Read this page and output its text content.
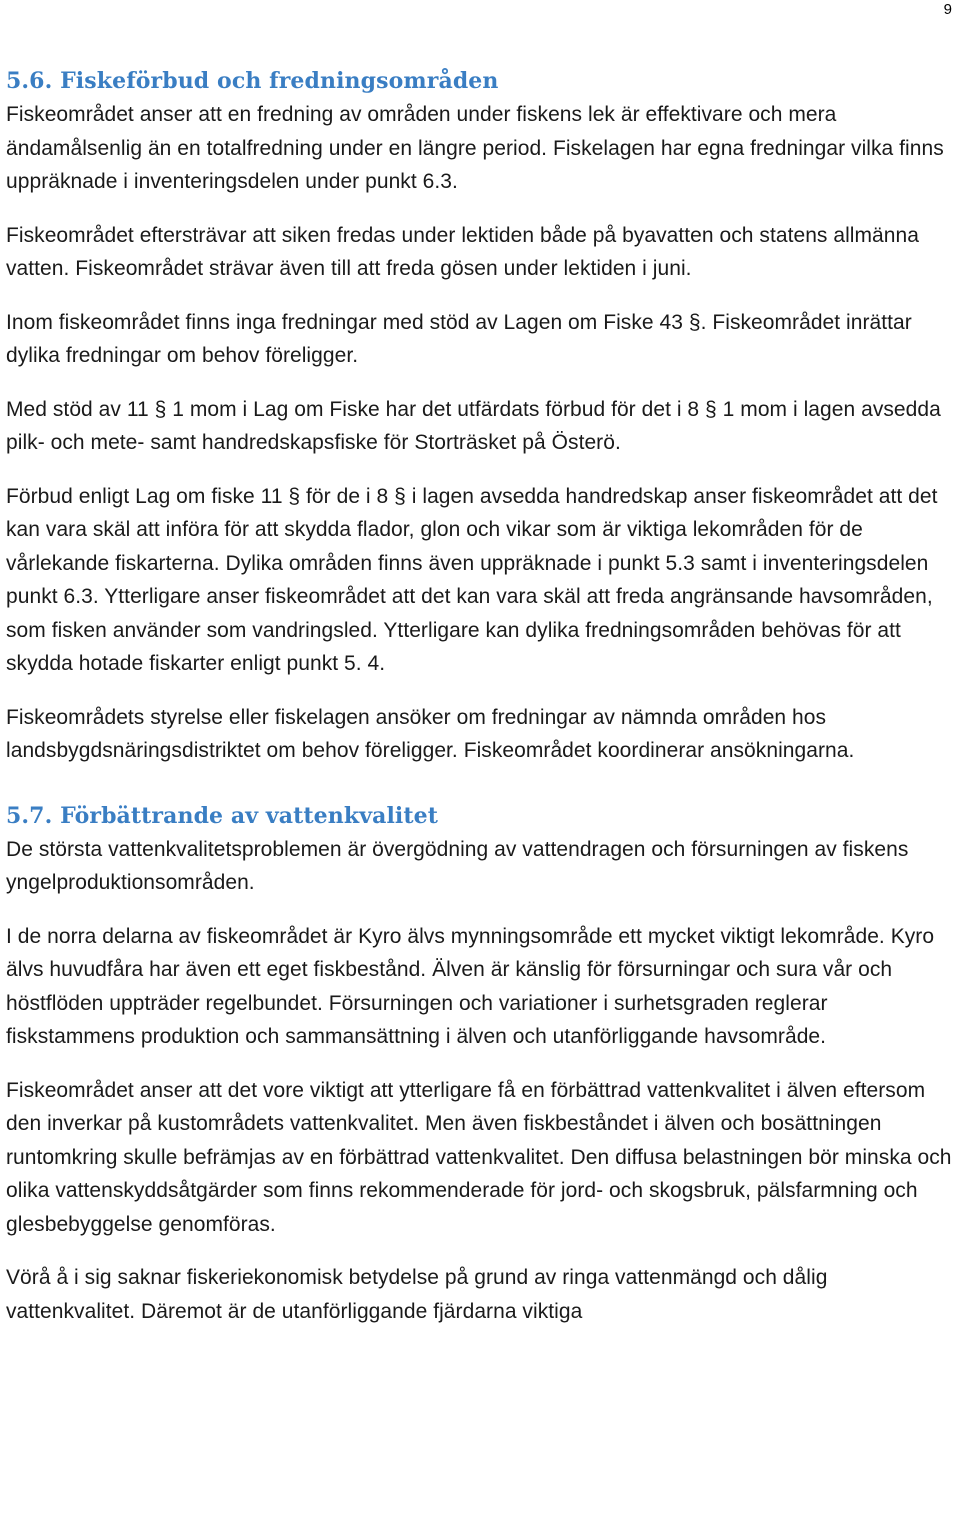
9
5.6. Fiskeförbud och fredningsområden

Fiskeområdet anser att en fredning av områden under fiskens lek är effektivare och mera ändamålsenlig än en totalfredning under en längre period. Fiskelagen har egna fredningar vilka finns uppräknade i inventeringsdelen under punkt 6.3.

Fiskeområdet eftersträvar att siken fredas under lektiden både på byavatten och statens allmänna vatten. Fiskeområdet strävar även till att freda gösen under lektiden i juni.

Inom fiskeområdet finns inga fredningar med stöd av Lagen om Fiske 43 §. Fiskeområdet inrättar dylika fredningar om behov föreligger.

Med stöd av 11 § 1 mom i Lag om Fiske har det utfärdats förbud för det i 8 § 1 mom i lagen avsedda pilk- och mete- samt handredskapsfiske för Storträsket på Österö.

Förbud enligt Lag om fiske 11 § för de i 8 § i lagen avsedda handredskap anser fiskeområdet att det kan vara skäl att införa för att skydda flador, glon och vikar som är viktiga lekområden för de vårlekande fiskarterna. Dylika områden finns även uppräknade i punkt 5.3 samt i inventeringsdelen punkt 6.3. Ytterligare anser fiskeområdet att det kan vara skäl att freda angränsande havsområden, som fisken använder som vandringsled. Ytterligare kan dylika fredningsområden behövas för att skydda hotade fiskarter enligt punkt 5. 4.

Fiskeområdets styrelse eller fiskelagen ansöker om fredningar av nämnda områden hos landsbygdsnäringsdistriktet om behov föreligger. Fiskeområdet koordinerar ansökningarna.

5.7. Förbättrande av vattenkvalitet

De största vattenkvalitetsproblemen är övergödning av vattendragen och försurningen av fiskens yngelproduktionsområden.

I de norra delarna av fiskeområdet är Kyro älvs mynningsområde ett mycket viktigt lekområde. Kyro älvs huvudfåra har även ett eget fiskbestånd. Älven är känslig för försurningar och sura vår och höstflöden uppträder regelbundet. Försurningen och variationer i surhetsgraden reglerar fiskstammens produktion och sammansättning i älven och utanförliggande havsområde.

Fiskeområdet anser att det vore viktigt att ytterligare få en förbättrad vattenkvalitet i älven eftersom den inverkar på kustområdets vattenkvalitet. Men även fiskbeståndet i älven och bosättningen runtomkring skulle befrämjas av en förbättrad vattenkvalitet. Den diffusa belastningen bör minska och olika vattenskyddsåtgärder som finns rekommenderade för jord- och skogsbruk, pälsfarmning och glesbebyggelse genomföras.

Vörå å i sig saknar fiskeriekonomisk betydelse på grund av ringa vattenmängd och dålig vattenkvalitet. Däremot är de utanförliggande fjärdarna viktiga
